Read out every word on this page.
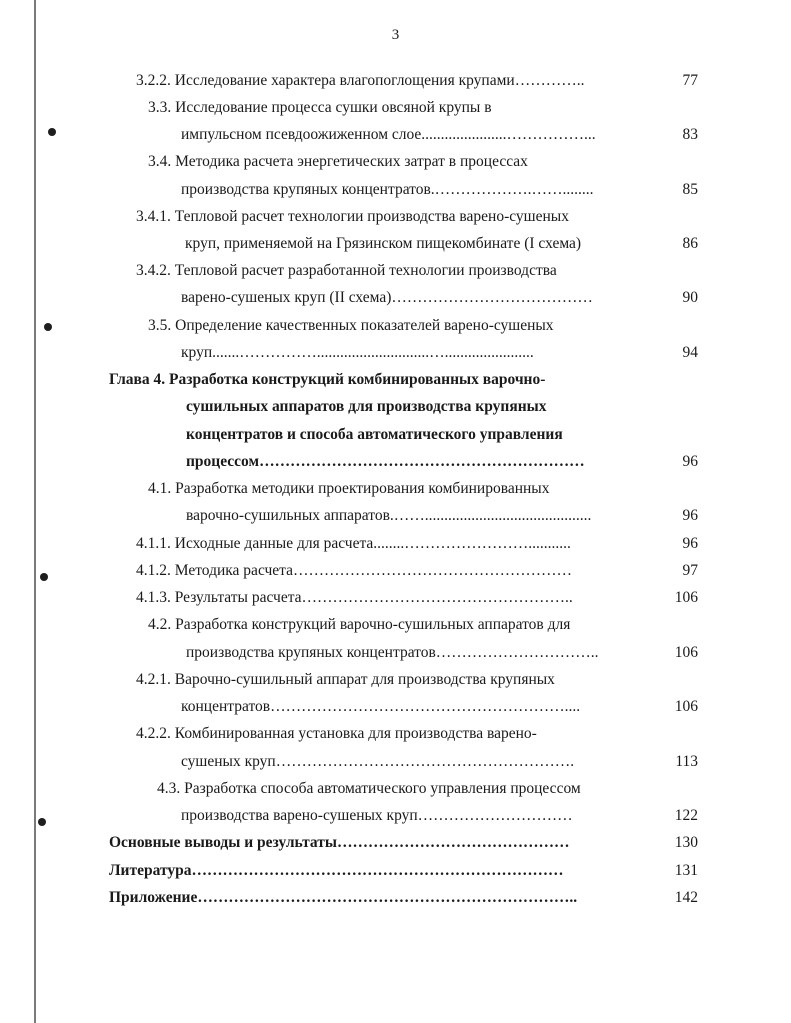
3
3.2.2. Исследование характера влагопоглощения крупами…………..	77
3.3. Исследование процесса сушки овсяной крупы в
импульсном псевдоожиженном слое......................……………...	83
3.4. Методика расчета энергетических затрат в процессах
производства крупяных концентратов.……………….……........	85
3.4.1. Тепловой расчет технологии производства варено-сушеных
круп, применяемой на Грязинском пищекомбинате (I схема)	86
3.4.2. Тепловой расчет разработанной технологии производства
варено-сушеных круп (II схема)…………………………………	90
3.5. Определение качественных показателей варено-сушеных
круп.......…………….............................….......................	94
Глава 4. Разработка конструкций комбинированных варочно-
сушильных аппаратов для производства крупяных
концентратов и способа автоматического управления
процессом………………………………………………………	96
4.1. Разработка методики проектирования комбинированных
варочно-сушильных аппаратов.……...........................................	96
4.1.1. Исходные данные для расчета........……………………...........	96
4.1.2. Методика расчета………………………………………………	97
4.1.3. Результаты расчета……………………………………………..	106
4.2. Разработка конструкций варочно-сушильных аппаратов для
производства крупяных концентратов…………………………..	106
4.2.1. Варочно-сушильный аппарат для производства крупяных
концентратов…………………………………………………....	106
4.2.2. Комбинированная установка для производства варено-
сушеных круп………………………………………………….	113
4.3. Разработка способа автоматического управления процессом
производства варено-сушеных круп…………………………	122
Основные выводы и результаты………………………………………	130
Литература………………………………………………………………	131
Приложение………………………………………………………………..	142
